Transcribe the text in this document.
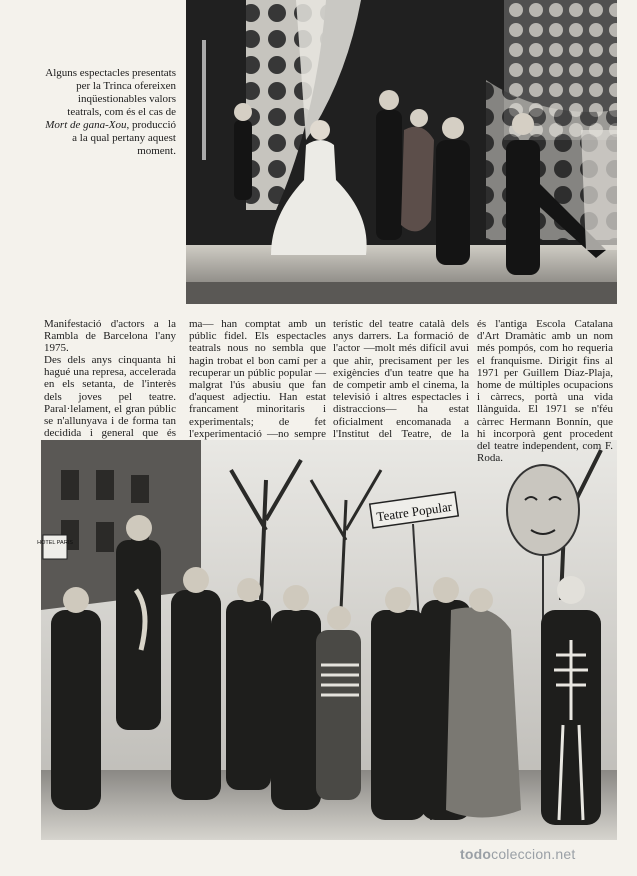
Alguns espectacles presentats per la Trinca ofereixen inqüestionables valors teatrals, com és el cas de Mort de gana-Xou, producció a la qual pertany aquest moment.

Manifestació d'actors a la Rambla de Barcelona l'any 1975.

Des dels anys cinquanta hi hagué una represa, accelerada en els setanta, de l'interès dels joves pel teatre. Paral·lelament, el gran públic se n'allunyava i de forma tan decidida i general que és

ma— han comptat amb un públic fidel. Els espectacles teatrals nous no sembla que hagin trobat el bon camí per a recuperar un públic popular —malgrat l'ús abusiu que fan d'aquest adjectiu. Han estat francament minoritaris i experimentals; de fet l'experimentació —no sempre

terístic del teatre català dels anys darrers. La formació de l'actor —molt més difícil avui que ahir, precisament per les exigències d'un teatre que ha de competir amb el cinema, la televisió i altres espectacles i distraccions— ha estat oficialment encomanada a l'Institut del Teatre, de la

Teatre Popular
HOTEL PARIS

és l'antiga Escola Catalana d'Art Dramàtic amb un nom més pompós, com ho requeria el franquisme. Dirigit fins al 1971 per Guillem Díaz-Plaja, home de múltiples ocupacions i càrrecs, portà una vida llànguida. El 1971 se n'féu càrrec Hermann Bonnín, que hi incorporà gent procedent del teatre independent, com F. Roda.

todocoleccion.net
